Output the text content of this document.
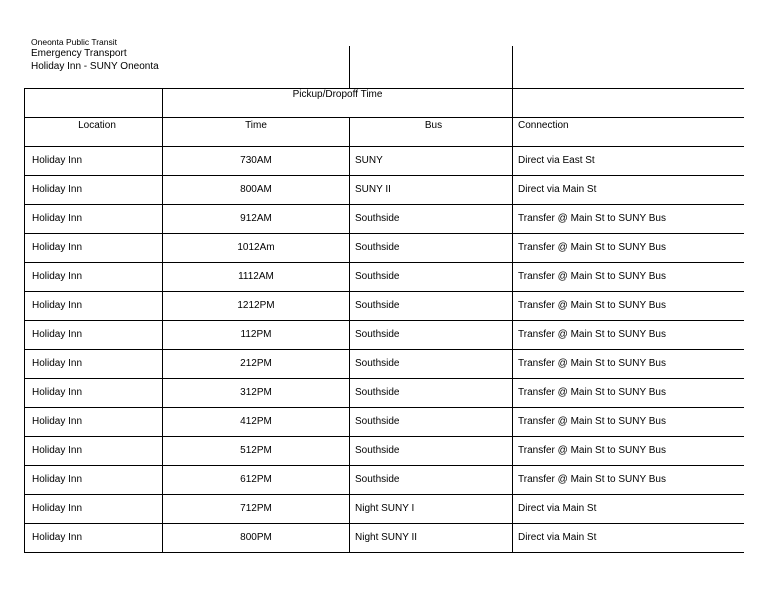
Oneonta Public Transit
Emergency Transport
Holiday Inn - SUNY Oneonta

	Pickup/Dropoff Time		

Location	Time	Bus	Connection

Holiday Inn	730AM	SUNY	Direct via East St

Holiday Inn	800AM	SUNY II	Direct via Main St

Holiday Inn	912AM	Southside	Transfer @ Main St to SUNY Bus

Holiday Inn	1012Am	Southside	Transfer @ Main St to SUNY Bus

Holiday Inn	1112AM	Southside	Transfer @ Main St to SUNY Bus

Holiday Inn	1212PM	Southside	Transfer @ Main St to SUNY Bus

Holiday Inn	112PM	Southside	Transfer @ Main St to SUNY Bus

Holiday Inn	212PM	Southside	Transfer @ Main St to SUNY Bus

Holiday Inn	312PM	Southside	Transfer @ Main St to SUNY Bus

Holiday Inn	412PM	Southside	Transfer @ Main St to SUNY Bus

Holiday Inn	512PM	Southside	Transfer @ Main St to SUNY Bus

Holiday Inn	612PM	Southside	Transfer @ Main St to SUNY Bus

Holiday Inn	712PM	Night SUNY I	Direct via Main St

Holiday Inn	800PM	Night SUNY II	Direct via Main St
